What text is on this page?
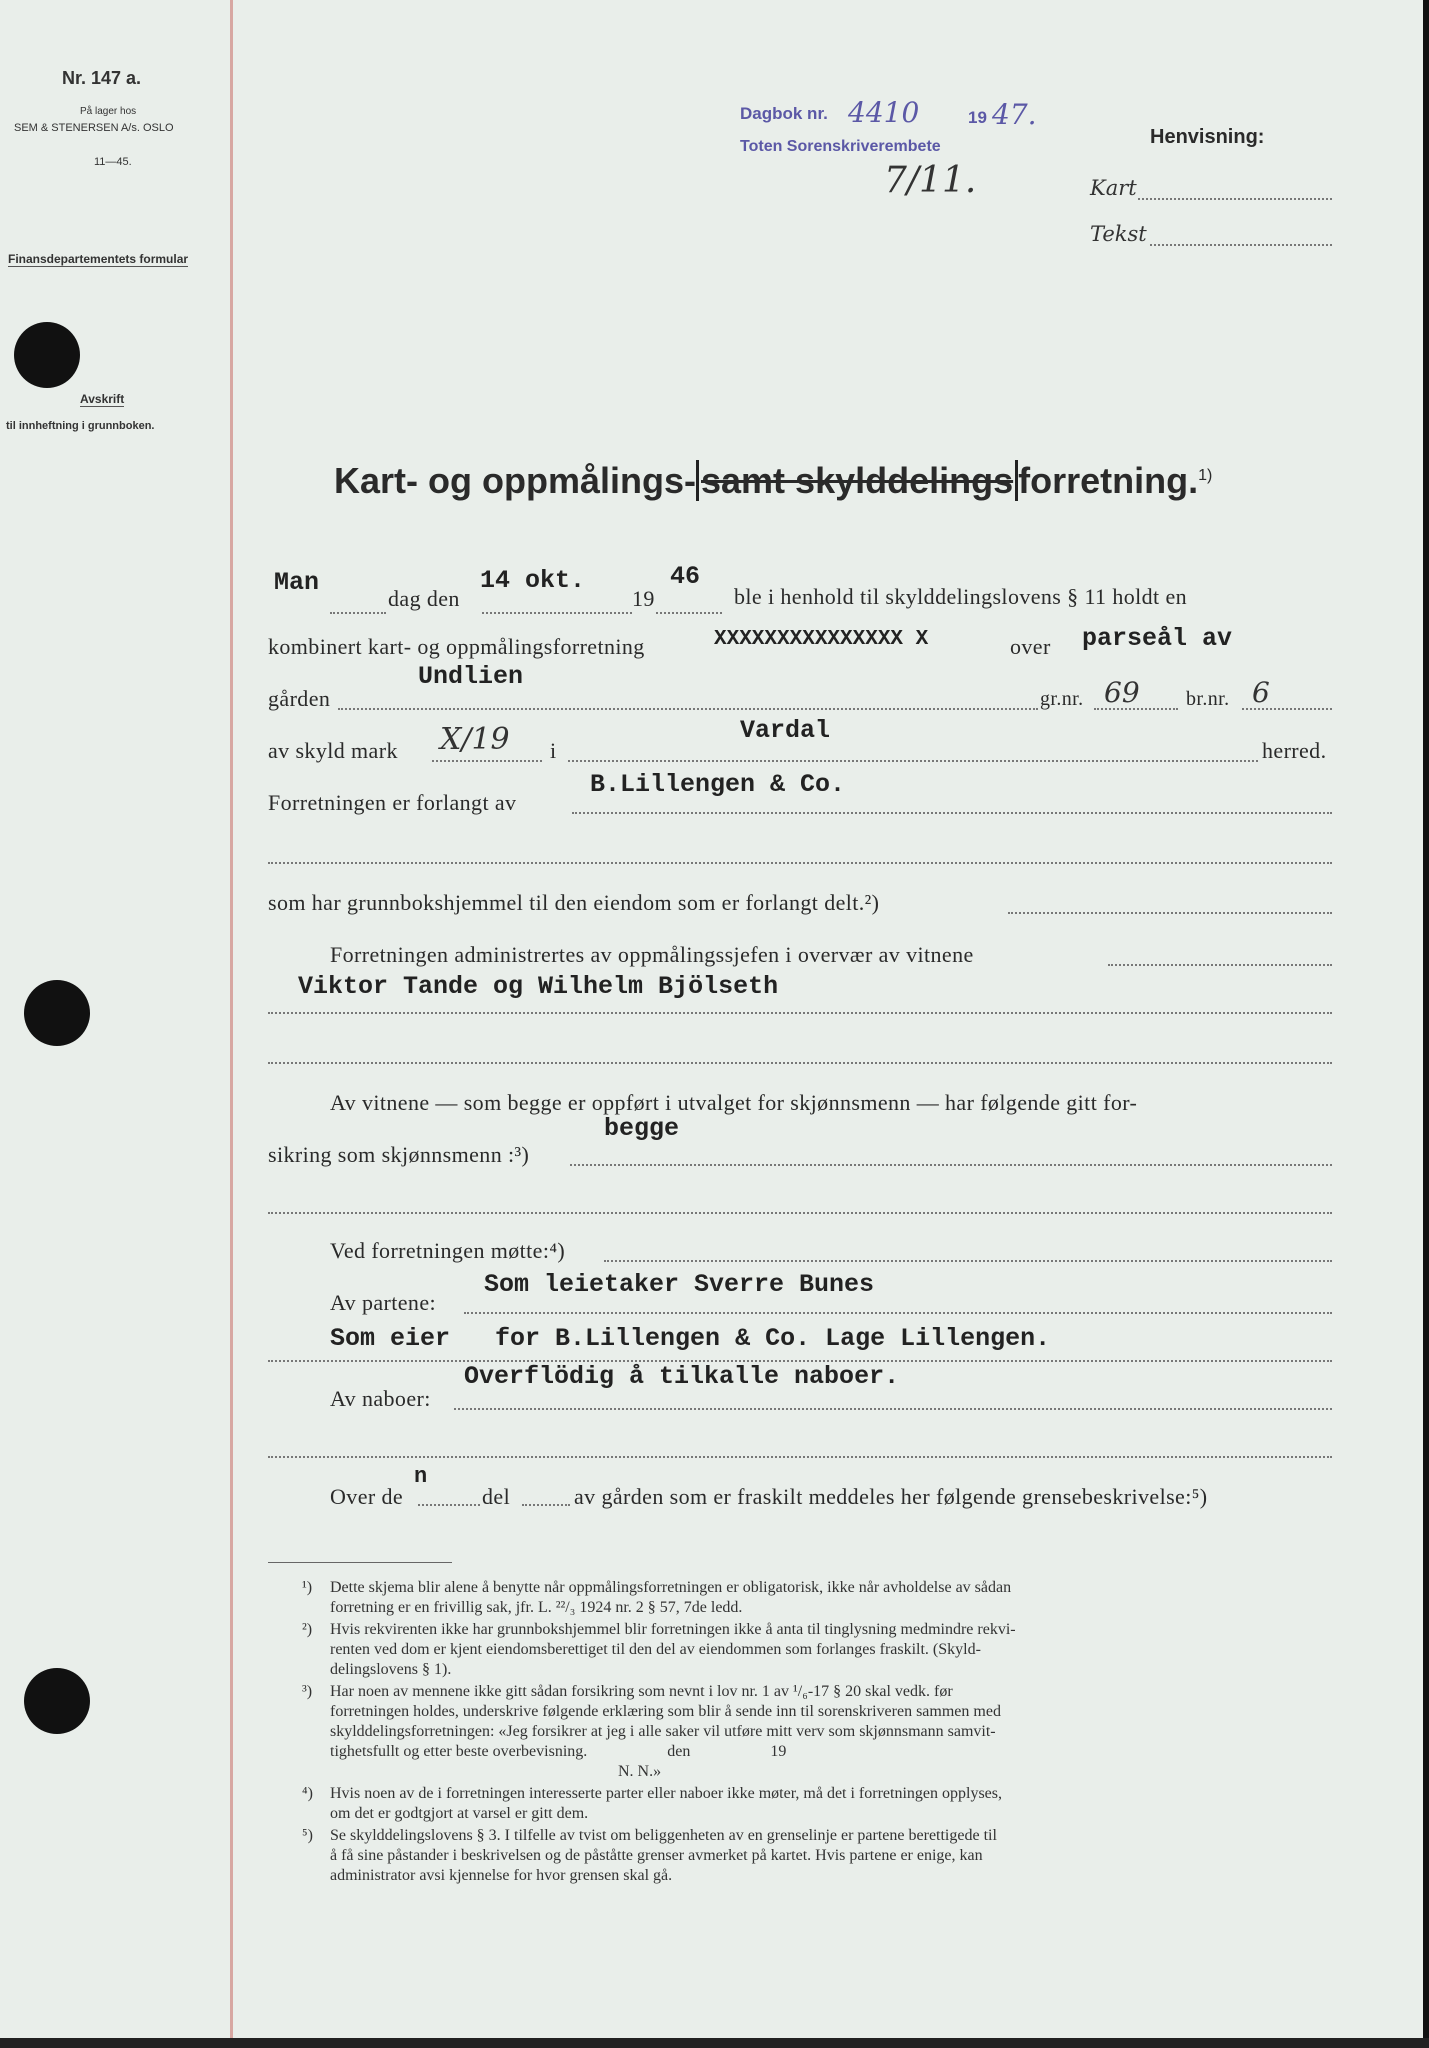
Nr. 147 a.
På lager hos
SEM & STENERSEN A/s. OSLO
11—45.
Finansdepartementets formular
Avskrift
til innheftning i grunnboken.
Dagbok nr. 4410	19 47.
Toten Sorenskriverembete
7/11.
Henvisning:
Kart
Tekst
Kart- og oppmålings- samt skylddelings forretning.$^{1)}$
Man
dag den
14 okt.
19
46
ble i henhold til skylddelingslovens § 11 holdt en
kombinert kart- og oppmålingsforretning	XXXXXXXXXXXXXXX X	over parseål av
Undlien
gården	gr.nr. 69 br.nr. 6
av skyld mark X/19 i
Vardal
herred.
Forretningen er forlangt av
B.Lillengen & Co.
som har grunnbokshjemmel til den eiendom som er forlangt delt.²)
Forretningen administrertes av oppmålingssjefen i overvær av vitnene
Viktor Tande og Wilhelm Bjölseth
Av vitnene — som begge er oppført i utvalget for skjønnsmenn — har følgende gitt for-
begge
sikring som skjønnsmenn :³)
Ved forretningen møtte:⁴)
Som leietaker Sverre Bunes
Av partene:
Som eier   for B.Lillengen & Co. Lage Lillengen.
Overflödig å tilkalle naboer.
Av naboer:
Over de
n
del	av gården som er fraskilt meddeles her følgende grensebeskrivelse:⁵)
¹) Dette skjema blir alene å benytte når oppmålingsforretningen er obligatorisk, ikke når avholdelse av sådan
forretning er en frivillig sak, jfr. L. ²²/₃ 1924 nr. 2 § 57, 7de ledd.
²) Hvis rekvirenten ikke har grunnbokshjemmel blir forretningen ikke å anta til tinglysning medmindre rekvi-
renten ved dom er kjent eiendomsberettiget til den del av eiendommen som forlanges fraskilt. (Skyld-
delingslovens § 1).
³) Har noen av mennene ikke gitt sådan forsikring som nevnt i lov nr. 1 av ¹/₆-17 § 20 skal vedk. før
forretningen holdes, underskrive følgende erklæring som blir å sende inn til sorenskriveren sammen med
skylddelingsforretningen: «Jeg forsikrer at jeg i alle saker vil utføre mitt verv som skjønnsmann samvit-
tighetsfullt og etter beste overbevisning.                    den                    19
N. N.»
⁴) Hvis noen av de i forretningen interesserte parter eller naboer ikke møter, må det i forretningen opplyses,
om det er godtgjort at varsel er gitt dem.
⁵) Se skylddelingslovens § 3. I tilfelle av tvist om beliggenheten av en grenselinje er partene berettigede til
å få sine påstander i beskrivelsen og de påståtte grenser avmerket på kartet. Hvis partene er enige, kan
administrator avsi kjennelse for hvor grensen skal gå.
